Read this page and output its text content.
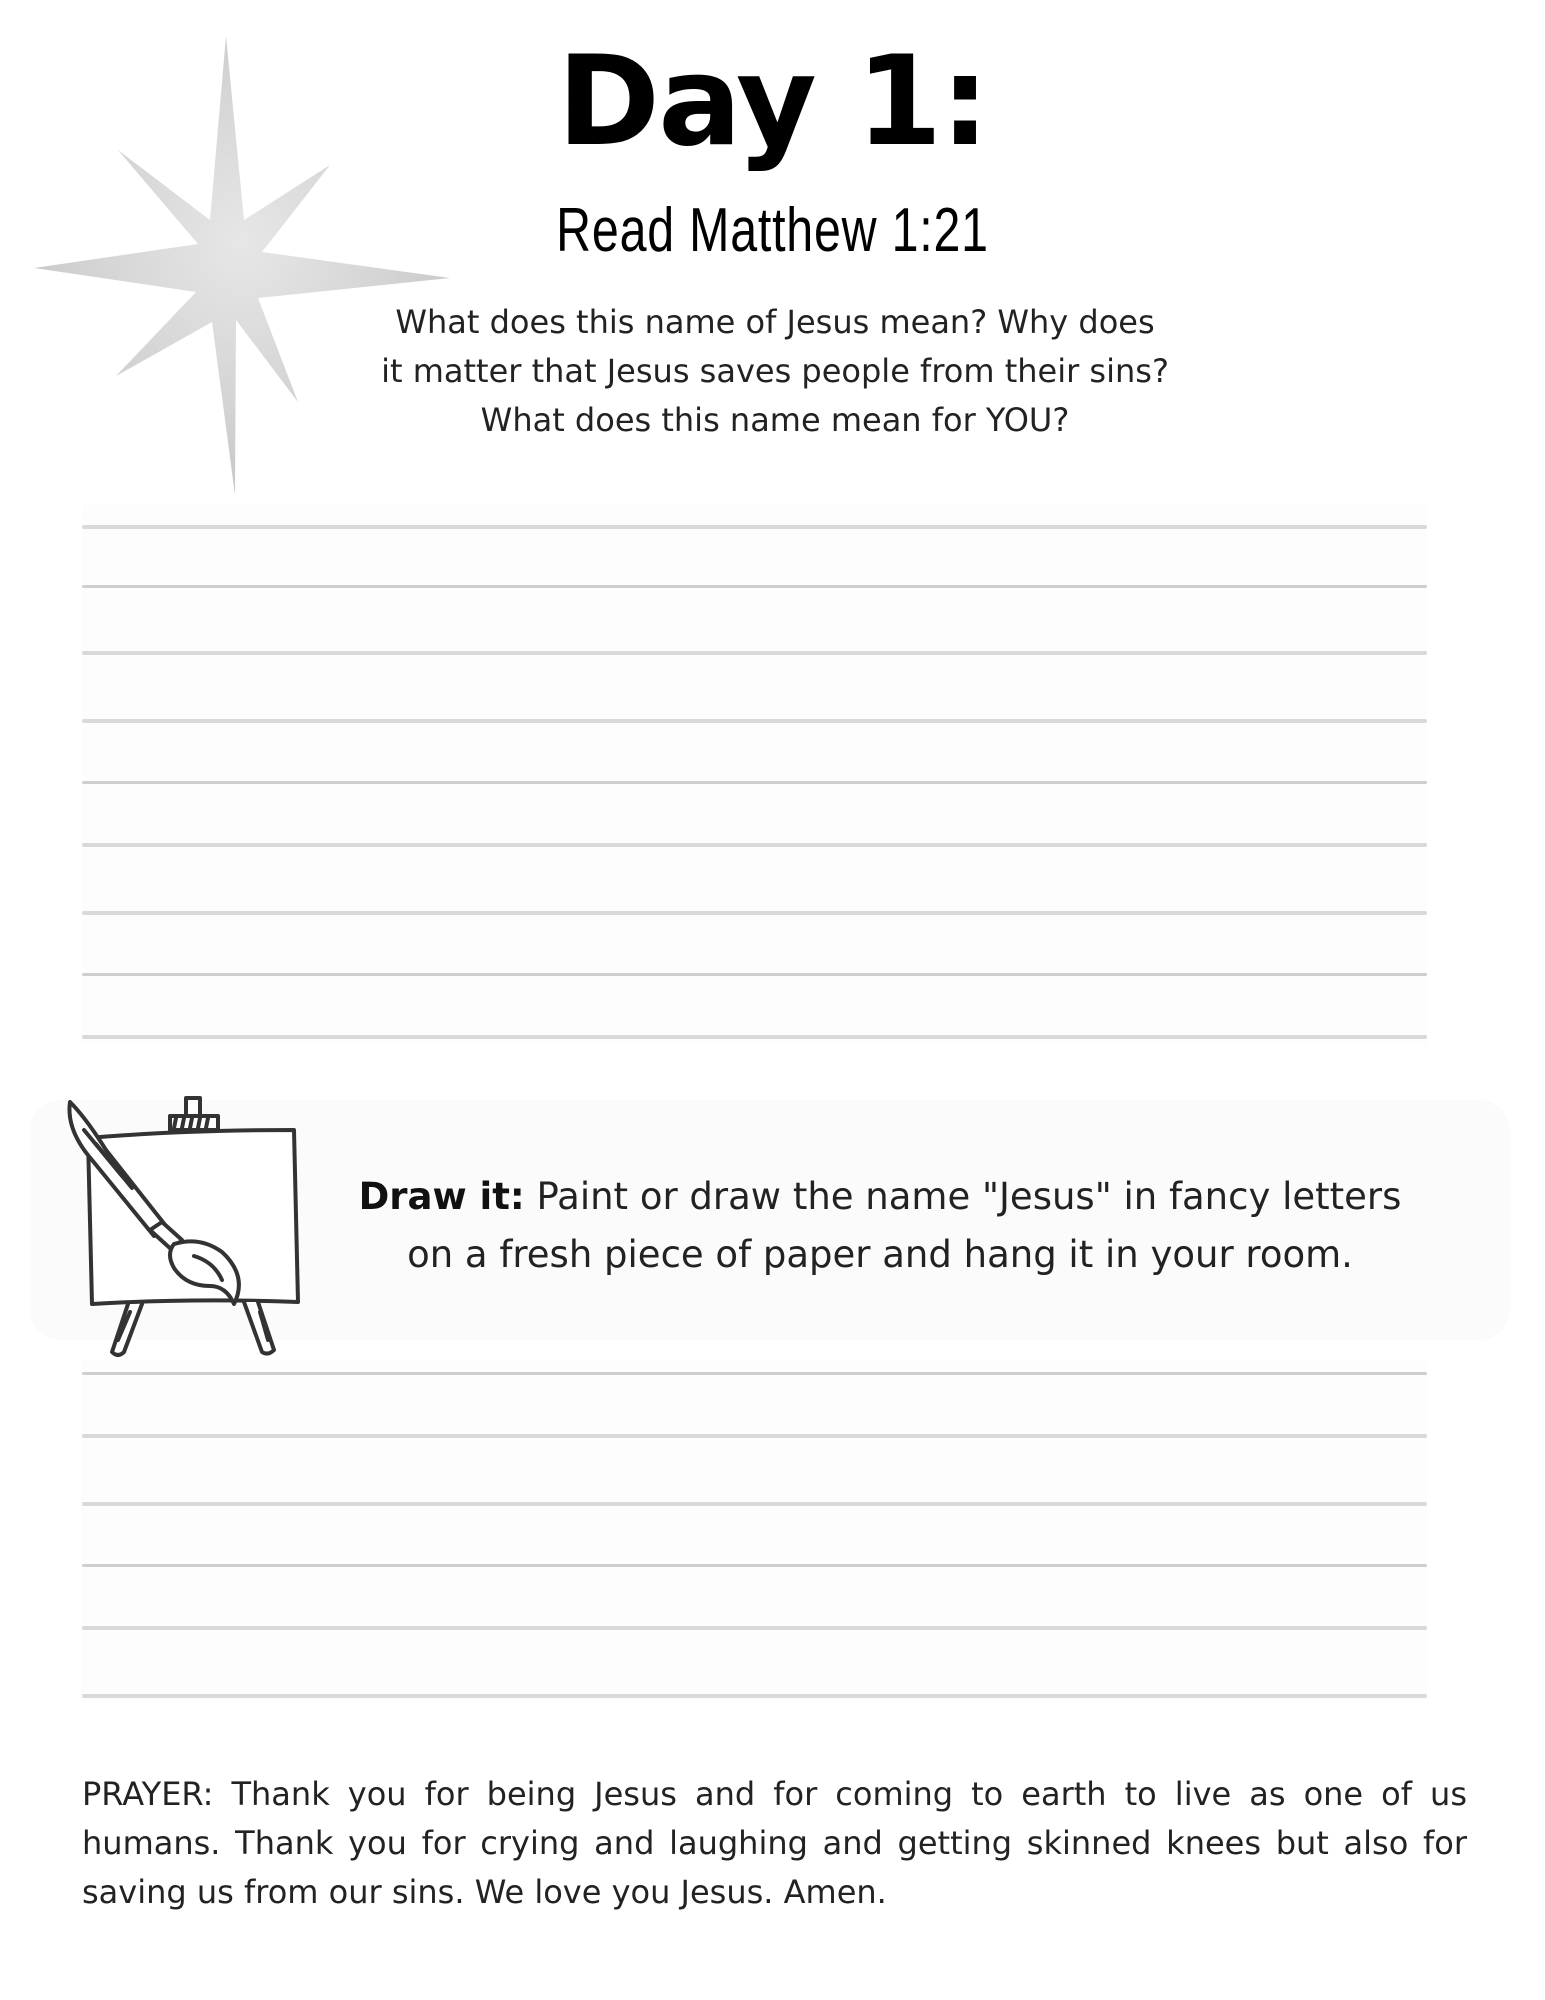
Day 1:
Read Matthew 1:21
What does this name of Jesus mean? Why does it matter that Jesus saves people from their sins? What does this name mean for YOU?
Draw it: Paint or draw the name "Jesus" in fancy letters on a fresh piece of paper and hang it in your room.
PRAYER: Thank you for being Jesus and for coming to earth to live as one of us humans. Thank you for crying and laughing and getting skinned knees but also for saving us from our sins. We love you Jesus. Amen.
